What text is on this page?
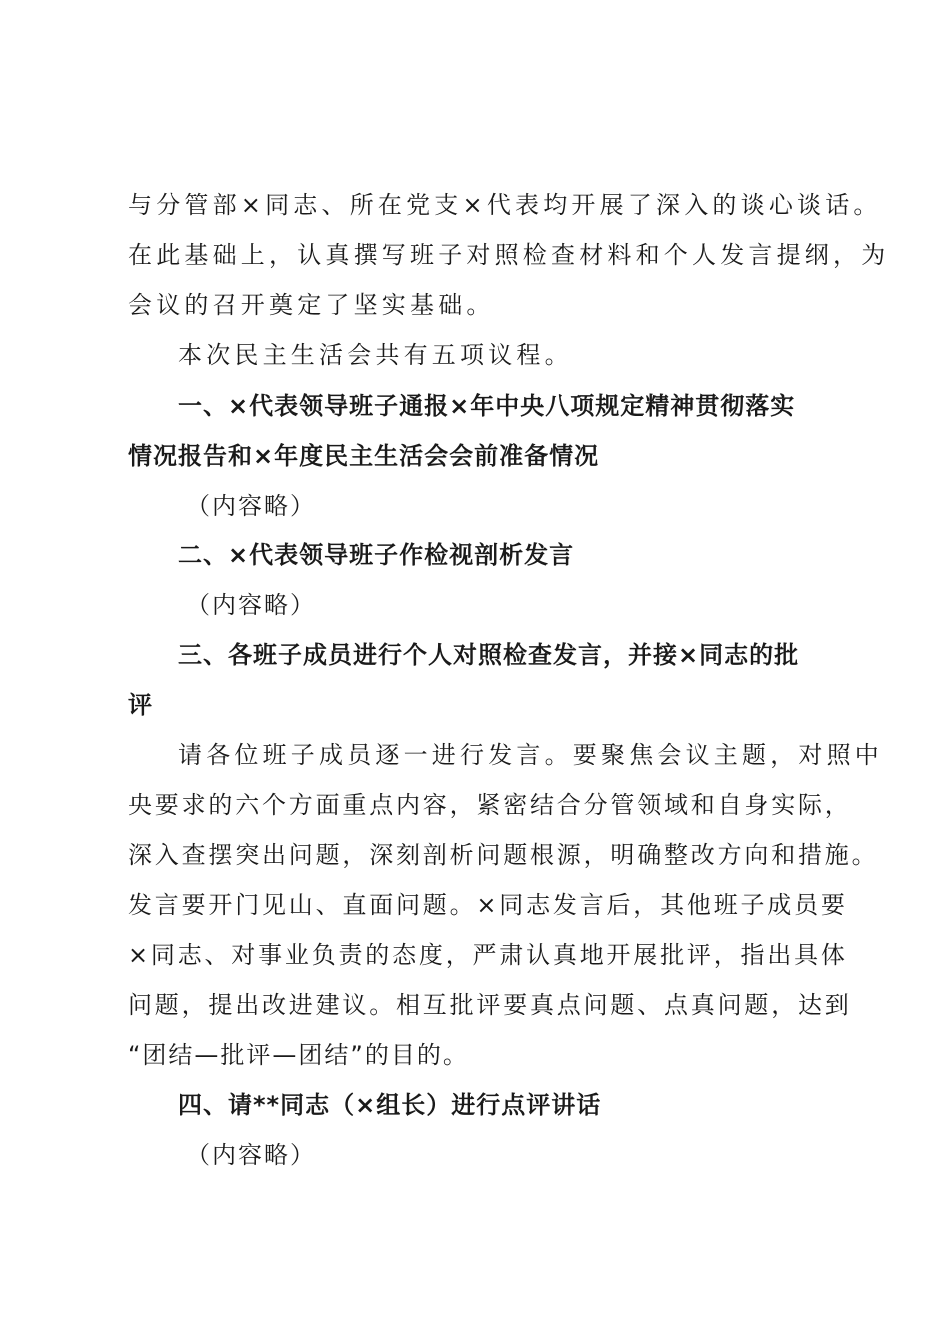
与分管部×同志、所在党支×代表均开展了深入的谈心谈话。
在此基础上，认真撰写班子对照检查材料和个人发言提纲，为
会议的召开奠定了坚实基础。
本次民主生活会共有五项议程。
一、×代表领导班子通报×年中央八项规定精神贯彻落实
情况报告和×年度民主生活会会前准备情况
（内容略）
二、×代表领导班子作检视剖析发言
（内容略）
三、各班子成员进行个人对照检查发言，并接×同志的批
评
请各位班子成员逐一进行发言。要聚焦会议主题，对照中
央要求的六个方面重点内容，紧密结合分管领域和自身实际，
深入查摆突出问题，深刻剖析问题根源，明确整改方向和措施。
发言要开门见山、直面问题。×同志发言后，其他班子成员要
×同志、对事业负责的态度，严肃认真地开展批评，指出具体
问题，提出改进建议。相互批评要真点问题、点真问题，达到
“团结—批评—团结”的目的。
四、请**同志（×组长）进行点评讲话
（内容略）
